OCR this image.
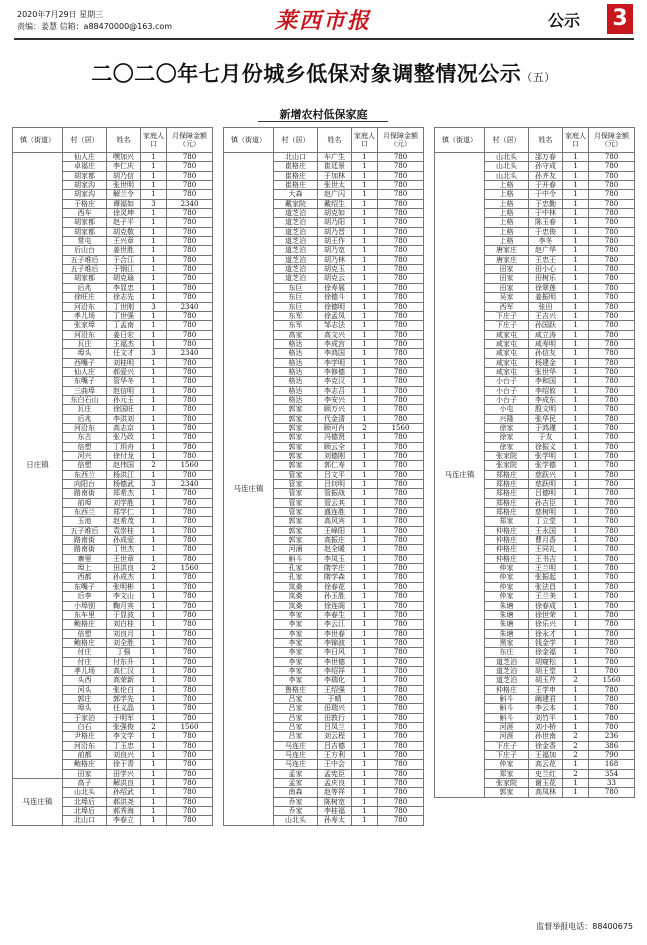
2020年7月29日 星期三
责编：姜慧 信箱：a88470000@163.com	莱西市报	公示 3
二〇二〇年七月份城乡低保对象调整情况公示（五）
新增农村低保家庭
镇（街道）	村（居）	姓名	家庭人口	月保障金额（元）
日庄镇	仙人庄	嘿加兴	1	780
	卓福庄	李仁庆	1	780
	胡家都	胡乃信	1	780
	胡家沟	张世明	1	780
	胡家沟	解兰令	1	780
	于格庄	谭福如	3	2340
	西车	徐灵坤	1	780
	胡家都	赵子平	1	780
	胡家都	胡克敬	1	780
	常屯	王兴章	1	780
	后山台	姜世胜	1	780
	五子堆后	于合江	1	780
	五子堆后	于钢江	1	780
	胡家都	胡克瑜	1	780
	后兆	李显忠	1	780
	徐旺庄	徐志先	1	780
	河沿东	丁世刚	3	2340
	孝儿场	丁世强	1	780
	张家埠	丁孟南	1	780
	河沿东	姜日宏	1	780
	瓦庄	王福杰	1	780
	埠头	任文才	3	2340
	西嘴子	刘桂明	1	780
	仙人庄	郝爱兴	1	780
	东嘴子	管华冬	1	780
	三曲埠	赵信明	1	780
	东白石山	孙元玉	1	780
	瓦庄	徐国旺	1	780
	后兆	李洪刘	1	780
	河沿东	高志京	1	780
	东古	张乃政	1	780
	倍塑	丁玥舟	1	780
	河兴	徐付龙	1	780
	倍塑	赵伟国	2	1560
	东西兰	杨洪江	1	780
	向阳台	杨德武	3	2340
	路南街	郑希杰	1	780
	前埠	刘学胜	1	780
	东西兰	郑学仁	1	780
	玉池	赵希茂	1	780
	五子堆后	袁崇桂	1	780
	路南街	孙成爱	1	780
	路南街	丁世杰	1	780
	寨里	王世章	1	780
	埠上	田洪良	2	1560
	西都	孙成杰	1	780
	东嘴子	张明彬	1	780
	后李	李文山	1	780
	小埠别	鞠月宾	1	780
	东车里	于显波	1	780
	鲍格庄	刘白桂	1	780
	倍塑	刘良月	1	780
	鲍格庄	刘全胜	1	780
	付庄	丁强	1	780
	付庄	付东升	1	780
	孝儿场	高仁汉	1	780
	头西	高荣新	1	780
	河头	张伦白	1	780
	郭庄	郭学先	1	780
	埠头	任义晶	1	780
	于家泊	于明军	1	780
	白石	张强俊	2	1560
	尹格庄	李文学	1	780
	河沿东	丁玉忠	1	780
	前都	刘良兴	1	780
	鲍格庄	徐于青	1	780
	田家	田学兴	1	780
马连庄镇	高子	解洪良	1	780
	山北头	孙绍武	1	780
	北埠后	郝洪尧	1	780
	北埠后	郝秀海	1	780
	北山口	李春立	1	780
镇（街道）	村（居）	姓名	家庭人口	月保障金额（元）
马连庄镇	北山口	车广生	1	780
	崔格庄	崔廷景	1	780
	崔格庄	于加林	1	780
	崔格庄	张世太	1	780
	大森	赵广闪	1	780
	戴家院	戴绍生	1	780
	道芝泊	胡克如	1	780
	道芝泊	胡乃阳	1	780
	道芝泊	胡乃晋	1	780
	道芝泊	胡王作	1	780
	道芝泊	胡乃宽	1	780
	道芝泊	胡乃林	1	780
	道芝泊	胡克玉	1	780
	道芝泊	胡克云	1	780
	东巨	徐寿展	1	780
	东巨	徐德斗	1	780
	东巨	徐德明	1	780
	东军	徐孟凤	1	780
	东军	邹志法	1	780
	高家	高文兴	1	780
	格达	李成宫	1	780
	格达	李鸿国	1	780
	格达	李学明	1	780
	格达	李修德	1	780
	格达	李克汉	1	780
	格达	李志召	1	780
	格达	李安兴	1	780
	郭家	顾万兴	1	780
	郭家	代金清	1	780
	郭家	顾可肖	2	1560
	郭家	冯德贤	1	780
	郭家	顾云全	1	780
	郭家	刘德刚	1	780
	郭家	郭仁寿	1	780
	管家	吕文平	1	780
	管家	吕钊明	1	780
	管家	管振战	1	780
	管家	管云其	1	780
	管家	盛连胜	1	780
	郭家	高风宾	1	780
	郭家	王峰阳	1	780
	郭家	高振庄	1	780
	河涌	赵全暖	1	780
	斛斗	李凤玉	1	780
	孔家	隋学庄	1	780
	孔家	隋学森	1	780
	岚桑	徐春花	1	780
	岚桑	孙玉胜	1	780
	岚桑	徐连阁	1	780
	李家	李春生	1	780
	李家	李云江	1	780
	李家	李世春	1	780
	李家	李锦波	1	780
	李家	李日风	1	780
	李家	李世德	1	780
	李家	李绍祥	1	780
	李家	李瑞化	1	780
	鲁格庄	王绍强	1	780
	吕家	于晴	1	780
	吕家	田瑞兴	1	780
	吕家	田敦行	1	780
	吕家	吕凤兰	1	780
	吕家	刘云程	1	780
	马连庄	吕吉德	1	780
	马连庄	王方利	1	780
	马连庄	王中会	1	780
	孟家	孟宪臣	1	780
	孟家	孟庆良	1	780
	南森	赵等祥	1	780
	乔家	陈树宽	1	780
	乔家	李桂福	1	780
	山北头	孙寿太	1	780
镇（街道）	村（居）	姓名	家庭人口	月保障金额（元）
马连庄镇	山北头	邵万春	1	780
	山北头	孙守成	1	780
	山北头	孙齐友	1	780
	上格	于开春	1	780
	上格	于中令	1	780
	上格	于忠勤	1	780
	上格	于中林	1	780
	上格	陈玉春	1	780
	上格	于忠俊	1	780
	上格	李冬	1	780
	唐家庄	赵广华	1	780
	唐家庄	王忠王	1	780
	田家	田小心	1	780
	田家	田树乐	1	780
	田家	徐翠莲	1	780
	吴家	姜振明	1	780
	西军	张田	1	780
	下庄子	王吉兴	1	780
	下庄子	孙国跃	1	780
	咸家屯	咸立涛	1	780
	咸家屯	咸寿明	1	780
	咸家屯	孙信友	1	780
	咸家屯	杨建金	1	780
	咸家屯	张世华	1	780
	小台子	李和国	1	780
	小台子	李绍攸	1	780
	小台子	李成东	1	780
	小屯	殷文明	1	780
	兴隆	张华民	1	780
	徐家	于鸿瑾	1	780
	徐家	于友	1	780
	徐家	徐振义	1	780
	张家院	张学明	1	780
	张家院	张学德	1	780
	郑格庄	慈跃兴	1	780
	郑格庄	慈跃明	1	780
	郑格庄	吕德明	1	780
	郑格庄	孙吉臣	1	780
	郑格庄	慈树明	1	780
	郑家	丁立堂	1	780
	仲格庄	王永国	1	780
	仲格庄	曹月香	1	780
	仲格庄	王同礼	1	780
	仲格庄	王书吉	1	780
	仲家	王兰明	1	780
	仲家	张振起	1	780
	仲家	张法昌	1	780
	仲家	王兰美	1	780
	朱塘	徐春成	1	780
	朱塘	徐世荣	1	780
	朱塘	徐乐兴	1	780
	朱塘	徐永才	1	780
	黑家	钱金学	1	780
	东庄	徐金福	1	780
	道芝泊	胡窥松	1	780
	道芝泊	胡王堂	1	780
	道芝泊	胡玉芹	2	1560
	仲格庄	王学申	1	780
	斛斗	阚建君	1	780
	斛斗	李云本	1	780
	斛斗	刘竹平	1	780
	河涯	刘小桥	1	780
	河涯	孙世南	2	236
	下庄子	徐金香	2	386
	下庄子	王福加	2	790
	仲家	高云花	1	168
	郑家	史兰红	2	354
	张家院	谢玉花	1	33
	郭家	高凤林	1	780
监督举报电话：88400675
